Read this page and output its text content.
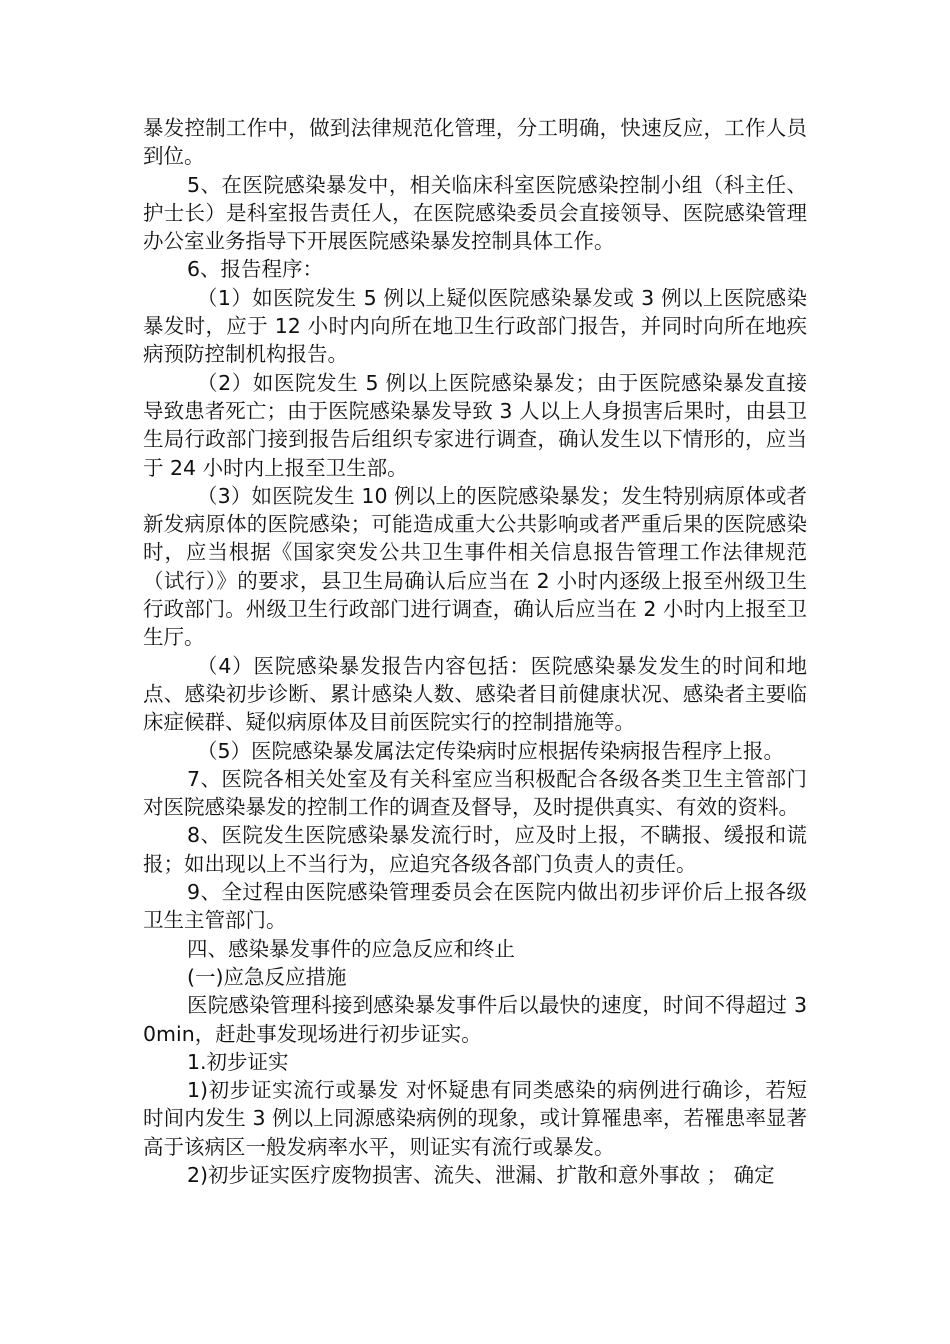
暴发控制工作中，做到法律规范化管理，分工明确，快速反应，工作人员到位。

5、在医院感染暴发中，相关临床科室医院感染控制小组（科主任、护士长）是科室报告责任人，在医院感染委员会直接领导、医院感染管理办公室业务指导下开展医院感染暴发控制具体工作。

6、报告程序：

（1）如医院发生 5 例以上疑似医院感染暴发或 3 例以上医院感染暴发时，应于 12 小时内向所在地卫生行政部门报告，并同时向所在地疾病预防控制机构报告。

（2）如医院发生 5 例以上医院感染暴发；由于医院感染暴发直接导致患者死亡；由于医院感染暴发导致 3 人以上人身损害后果时，由县卫生局行政部门接到报告后组织专家进行调查，确认发生以下情形的，应当于 24 小时内上报至卫生部。

（3）如医院发生 10 例以上的医院感染暴发；发生特别病原体或者新发病原体的医院感染；可能造成重大公共影响或者严重后果的医院感染时，应当根据《国家突发公共卫生事件相关信息报告管理工作法律规范（试行）》的要求，县卫生局确认后应当在 2 小时内逐级上报至州级卫生行政部门。州级卫生行政部门进行调查，确认后应当在 2 小时内上报至卫生厅。

（4）医院感染暴发报告内容包括：医院感染暴发发生的时间和地点、感染初步诊断、累计感染人数、感染者目前健康状况、感染者主要临床症候群、疑似病原体及目前医院实行的控制措施等。

（5）医院感染暴发属法定传染病时应根据传染病报告程序上报。

7、医院各相关处室及有关科室应当积极配合各级各类卫生主管部门对医院感染暴发的控制工作的调查及督导，及时提供真实、有效的资料。

8、医院发生医院感染暴发流行时，应及时上报，不瞒报、缓报和谎报；如出现以上不当行为，应追究各级各部门负责人的责任。

9、全过程由医院感染管理委员会在医院内做出初步评价后上报各级卫生主管部门。

四、感染暴发事件的应急反应和终止

(一)应急反应措施

医院感染管理科接到感染暴发事件后以最快的速度，时间不得超过 30min，赶赴事发现场进行初步证实。

1.初步证实

1)初步证实流行或暴发 对怀疑患有同类感染的病例进行确诊，若短时间内发生 3 例以上同源感染病例的现象，或计算罹患率，若罹患率显著高于该病区一般发病率水平，则证实有流行或暴发。

2)初步证实医疗废物损害、流失、泄漏、扩散和意外事故 ； 确定
